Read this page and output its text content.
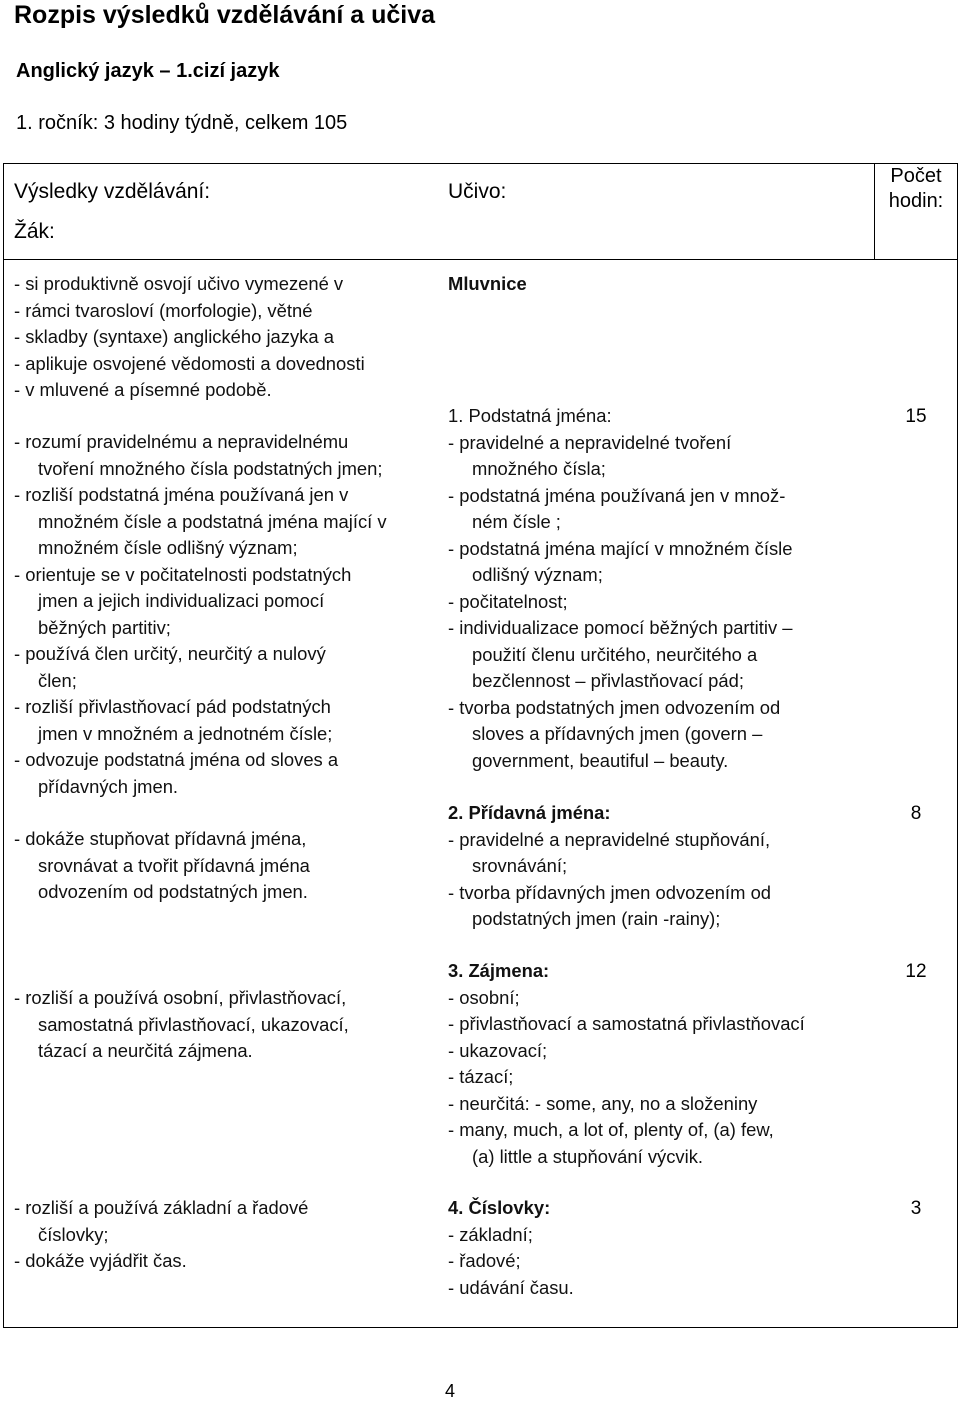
Rozpis výsledků vzdělávání a učiva
Anglický jazyk – 1.cizí jazyk
1. ročník: 3 hodiny týdně, celkem 105
Výsledky vzdělávání:
Žák:
Učivo:
Počet
hodin:
- si produktivně osvojí učivo vymezené v
- rámci tvarosloví (morfologie), větné
- skladby (syntaxe) anglického jazyka a
- aplikuje osvojené vědomosti a dovednosti
- v mluvené a písemné podobě.
Mluvnice
- rozumí pravidelnému a nepravidelnému
tvoření množného čísla podstatných jmen;
- rozliší podstatná jména používaná jen v
množném čísle a podstatná jména mající v
množném čísle odlišný význam;
- orientuje se v počitatelnosti podstatných
jmen a jejich individualizaci pomocí
běžných partitiv;
- používá člen určitý, neurčitý a nulový
člen;
- rozliší přivlastňovací pád podstatných
jmen v množném a jednotném čísle;
- odvozuje podstatná jména od sloves a
přídavných jmen.
1. Podstatná jména:
- pravidelné a nepravidelné tvoření
množného čísla;
- podstatná jména používaná jen v množ-
ném čísle ;
- podstatná jména mající v množném čísle
odlišný význam;
- počitatelnost;
- individualizace pomocí běžných partitiv –
použití členu určitého, neurčitého a
bezčlennost – přivlastňovací pád;
- tvorba podstatných jmen odvozením od
sloves a přídavných jmen (govern –
government, beautiful – beauty.
15
- dokáže stupňovat přídavná jména,
srovnávat a tvořit přídavná jména
odvozením od podstatných jmen.
2. Přídavná jména:
- pravidelné a nepravidelné stupňování,
srovnávání;
- tvorba přídavných jmen odvozením od
podstatných jmen (rain -rainy);
8
- rozliší a používá osobní, přivlastňovací,
samostatná přivlastňovací, ukazovací,
tázací a neurčitá zájmena.
3. Zájmena:
- osobní;
- přivlastňovací a samostatná přivlastňovací
- ukazovací;
- tázací;
- neurčitá: - some, any, no a složeniny
- many, much, a lot of, plenty of, (a) few,
(a) little a stupňování výcvik.
12
- rozliší a používá základní a řadové
číslovky;
- dokáže vyjádřit čas.
4. Číslovky:
- základní;
- řadové;
- udávání času.
3
4
